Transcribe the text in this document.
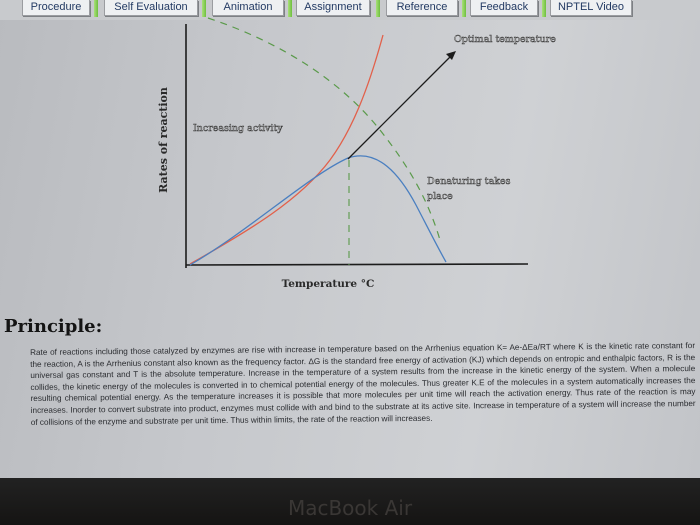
Procedure	Self Evaluation	Animation	Assignment	Reference	Feedback	NPTEL Video
Rates of reaction
Temperature °C
Optimal temperature
Increasing activity
Denaturing takes
place
Principle:
Rate of reactions including those catalyzed by enzymes are rise with increase in temperature based on the Arrhenius equation K= Ae-ΔEa/RT where K is the kinetic rate constant for the reaction, A is the Arrhenius constant also known as the frequency factor. ΔG is the standard free energy of activation (KJ) which depends on entropic and enthalpic factors, R is the universal gas constant and T is the absolute temperature. Increase in the temperature of a system results from the increase in the kinetic energy of the system. When a molecule collides, the kinetic energy of the molecules is converted in to chemical potential energy of the molecules. Thus greater K.E of the molecules in a system automatically increases the resulting chemical potential energy. As the temperature increases it is possible that more molecules per unit time will reach the activation energy. Thus rate of the reaction is may increases. Inorder to convert substrate into product, enzymes must collide with and bind to the substrate at its active site. Increase in temperature of a system will increase the number of collisions of the enzyme and substrate per unit time. Thus within limits, the rate of the reaction will increases.
MacBook Air
